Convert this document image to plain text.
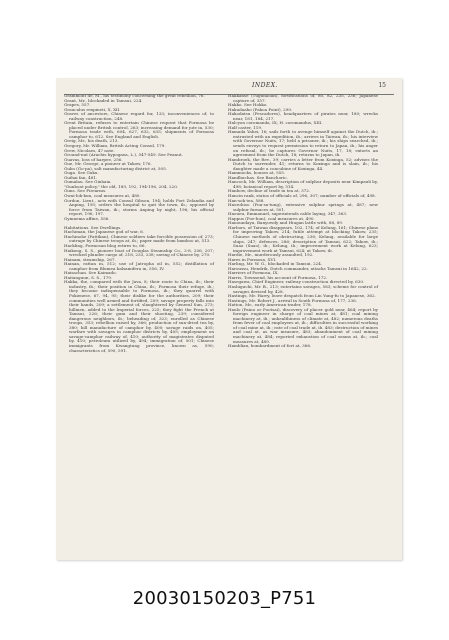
INDEX.	15

Grammont de, M., his testimony concerning the great rebellion, 76.

Grant, Mr., blockaded in Tamsui, 224.

Grapes, 557.

Graucalus rexpineti, X, XII.

Graves of ancestors, Chinese regard for, 133; inconveniences of, to railway construction, 248.

Great Britain, refuses to entertain Chinese request that Formosa be placed under British control, 263; increasing demand for jute in, 530; Formosa trade with, 604, 627, 632, 635; shipments of Formosa camphor to, 612. See England and English.

Greig, Mr., his death, 213.

Gregory, Mr. William, British Acting Consul, 179.

Grew, Nicolaes, 47 note.

Ground-nut (Arachis hypogaea, L.), 547-549. See Peanut.

Guavas, loss of harpee, 256.

Gue, Mr. George, a pioneer at Takow, 176.

Gubo (Go-pa), salt manufacturing district at, 505.

Guga. See Guku.

Guihai fan, 481.

Gumalau. See Ginhaia.

"Gunboat policy," the old, 189, 192, 194-196, 204, 220.

Guns. See Firearms.

Gwai-lok-kun, coal measures at, 480.

Gordon, Lieut., acts with Consul Gibson, 194; holds Fort Zelandia and Anping, 195; orders the hospital to quit the town, ib.; opposed by force from Taiwan, ib.; storms Anping by night, 196; his official report, 196, 197.

Gymnema affine, 556.

Habitations. See Dwellings.

Hachiman, the Japanese god of war, 6.

Hachinohe (Pattikan), Chinese soldiers take forcible possession of, 273; outrage by Chinese troops at, ib.; paper made from bamboo at, 513.

Hackling, Formosan blog retires to, 66.

Haikong, S. S., pioneer boat of Douglas Steamship Co., 2-8, 206, 207; wrecked plunder cargo of, 218, 233, 238; saving of Chinese by, 270.

Hainam, steamship, 267.

Hainan, rattan in, 512; use of Jatropha oil in, 552; distillation of camphor from Blumea balsamifera in, 556, IV.

Haisachan. See Kaimado.

Haitanguun, S. S., 179.

Hakka, the, compared with the Java, 8; their route to China, ib.; their industry, ib.; their position in China, ib.; Formosa their refuge, ib.; they become indispensable to Formosa, ib.; they quarrel with Fokienese, 67, 94, 95; their dislike for the authorities, 209; their communities well armed and fortified, 209; savage property falls into their hands, 209; a settlement of, slaughtered by General Sun, 273; hillmen, added to the Imperial forces, 225; they fight the French at Tamsui, 226; their gum and their shooting, 239; considered dangerous neighbors, ib.; beheading of, 323; enrolled as Chinese troops, 353; rebellion raised by, 366; production of sun-dried tea by, 380; hill manufacture of camphor by, 400; savage raids on, 405; warfare with savages in camphor districts by, 405; employment on savage-camphor railway of, 410; authority of magistrates disputed by, 410; petroleum utilized by, 494; immigration of, 501; Chinese immigrants from Kwangtung province, known as, 590; characteristics of, 590, 591.

Hakkanse (Tugunaoan), fortifications of, 80, 82, 235, 236; Japanese capture of, 357.

Hakko. See Hokko.

Hakudaaho (Pakoa Point), 290.

Hakodatsu (Pescadores), headquarters of pirates near, 180; wrecks near, 181, 184, 217.

Halcyon coromanda, IX; H. coromandus, XIII.

Half caster, 119.

Hamada Yahei, 16; sails forth to avenge himself against the Dutch, ib.; entrusted with an expedition, ib.; arrives in Taiwan, ib.; his interview with Governor Nuits, 17; held a prisoner, ib.; his ships searched, ib.; sends envoys to request permission to return to Japan, ib.; his anger on refusal, ib.; he captures Governor Nuits, 17, 18; extorts an agreement from the Dutch, 18; returns to Japan, ib.

Hambroek, the Rev., 39; carries a letter from Koxinga, 52; advises the Dutch to surrender, 41; returns to Koxinga and is slain, ib.; his daughter made a concubine of Koxinga, 44.

Hammocks, houses at, 555.

Handbuchas. See Banchoric.

Hancock, Mr. William, description of sulphur deposits near Kimpauli by, 498; botanical report by, 514.

Hanbow, decline of trade in tea at, 372.

Hancin rank, status of officials of, 296, 307; number of officials of, 498.

Han-sok tea, 588.

Haorohiso (Poa-sa-tung), extensive sulphur springs at, 487; new sulphur furnaces at, 501.

Haoueu, Emmanuel, superintends cable laying, 347, 363.

Happus (Poe-hun), coal measures at, 490.

Hanoundayu, Banyowdy and Hiugan lattle with, 88, 89.

Harbors, of Taiwan disappears, 102, 174; of Kelung, 161; Chinese plans for improving Takow, 214; futile attempt at blocking Takow, 235; Chinese methods of obstructing, 236; Kelung, available for large ships, 247; defences, 286; description of Tamsui, 622; Takow, ib.; Suao (Suao), ib.; Kelung, ib.; improvement work at Kelung, 623; improvement work at Tamsui, 624; at Takow, ib.

Hardie, Mr., murderously assaulted, 192.

Hares in Formosa, XVI.

Harling, Mr. W. G., blockaded in Tamsui, 224.

Haroussu, Hendrik, Dutch commander, attacks Tamsui in 1642, 22.

Harriers of Formosa, IX.

Harris, Townsend, his account of Formosa, 172.

Hasegawa, Chief Engineer, railway construction directed by, 630.

Hashiguchi, Mr. B., 213; entertains savages, 583; scheme for control of savages devised by, 428.

Hastings, Mr. Harry, leave despatch from Lin Yung-fu to Japanese, 362.

Hastings, Mr. Robert J., arrival in South Formosa of, 177, 236.

Hatton, Mr., early American trader, 178.

Haulo (Paino or Pootsai), discovery of placer gold near, 464; report by foreign engineer in charge of coal mines at, 481; coal mining machinery at, ib.; unhealthiness of climate at, 482; numerous deaths from fever of coal employees at, ib.; difficulties in successful working of coal mine at, ib.; rate of coal trade at, ib. 483; destruction of mines and coal at, as war measure, 483; abandonment of coal mining machinery at, 484; reported exhaustion of coal seams at, ib.; coal measures at, 489.

Hamblian, bombardment of fort at, 366.

20030150203_P751
